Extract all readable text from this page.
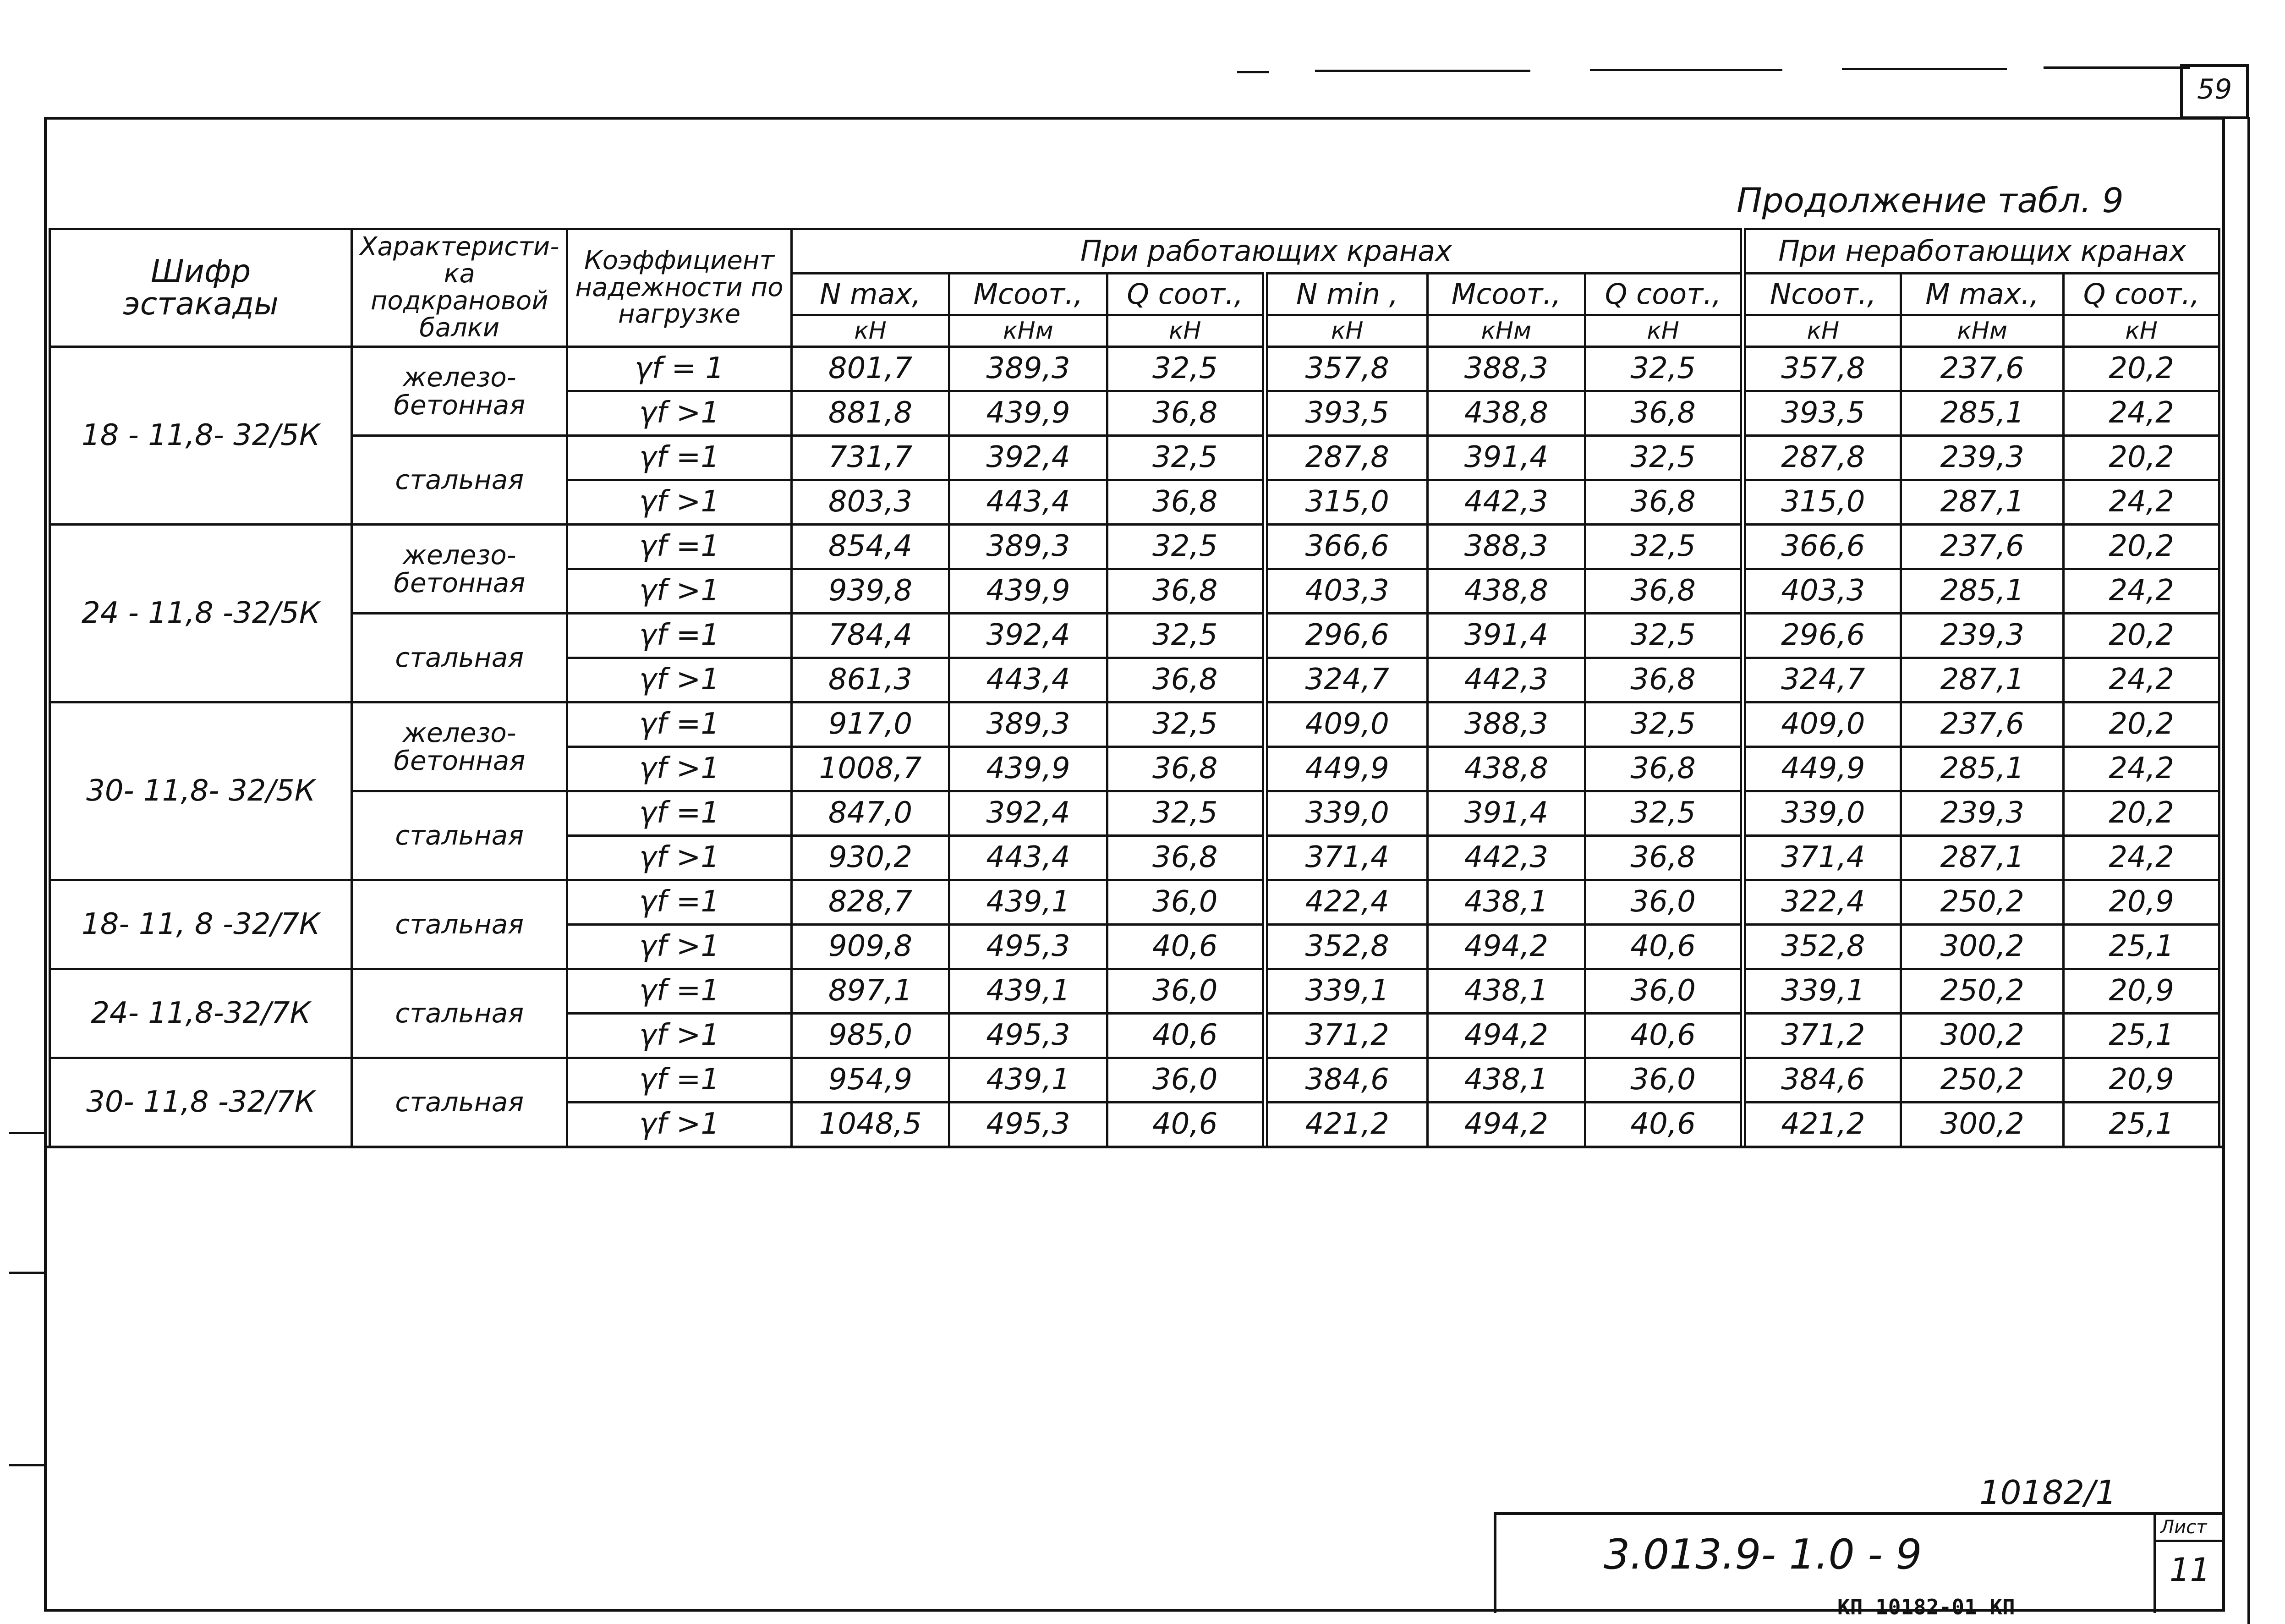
59
Продолжение табл. 9
Шифр эстакады	Характеристи-ка подкрановой балки	Коэффициент надежности по нагрузке	При работающих кранах						При неработающих кранах		
			N max,	Мсоот.,	Q соот.,	N min ,	Мсоот.,	Q соот.,	Nсоот.,	М max.,	Q соот.,
			кН	кНм	кН	кН	кНм	кН	кН	кНм	кН
18 - 11,8- 32/5К	железо- бетонная	γf = 1	801,7	389,3	32,5	357,8	388,3	32,5	357,8	237,6	20,2
		γf >1	881,8	439,9	36,8	393,5	438,8	36,8	393,5	285,1	24,2
	стальная	γf =1	731,7	392,4	32,5	287,8	391,4	32,5	287,8	239,3	20,2
		γf >1	803,3	443,4	36,8	315,0	442,3	36,8	315,0	287,1	24,2
24 - 11,8 -32/5К	железо- бетонная	γf =1	854,4	389,3	32,5	366,6	388,3	32,5	366,6	237,6	20,2
		γf >1	939,8	439,9	36,8	403,3	438,8	36,8	403,3	285,1	24,2
	стальная	γf =1	784,4	392,4	32,5	296,6	391,4	32,5	296,6	239,3	20,2
		γf >1	861,3	443,4	36,8	324,7	442,3	36,8	324,7	287,1	24,2
30- 11,8- 32/5К	железо- бетонная	γf =1	917,0	389,3	32,5	409,0	388,3	32,5	409,0	237,6	20,2
		γf >1	1008,7	439,9	36,8	449,9	438,8	36,8	449,9	285,1	24,2
	стальная	γf =1	847,0	392,4	32,5	339,0	391,4	32,5	339,0	239,3	20,2
		γf >1	930,2	443,4	36,8	371,4	442,3	36,8	371,4	287,1	24,2
18- 11, 8 -32/7К	стальная	γf =1	828,7	439,1	36,0	422,4	438,1	36,0	322,4	250,2	20,9
		γf >1	909,8	495,3	40,6	352,8	494,2	40,6	352,8	300,2	25,1
24- 11,8-32/7К	стальная	γf =1	897,1	439,1	36,0	339,1	438,1	36,0	339,1	250,2	20,9
		γf >1	985,0	495,3	40,6	371,2	494,2	40,6	371,2	300,2	25,1
30- 11,8 -32/7К	стальная	γf =1	954,9	439,1	36,0	384,6	438,1	36,0	384,6	250,2	20,9
		γf >1	1048,5	495,3	40,6	421,2	494,2	40,6	421,2	300,2	25,1
10182/1
3.013.9- 1.0 - 9
Лист
11
КП 10182-01 КП
